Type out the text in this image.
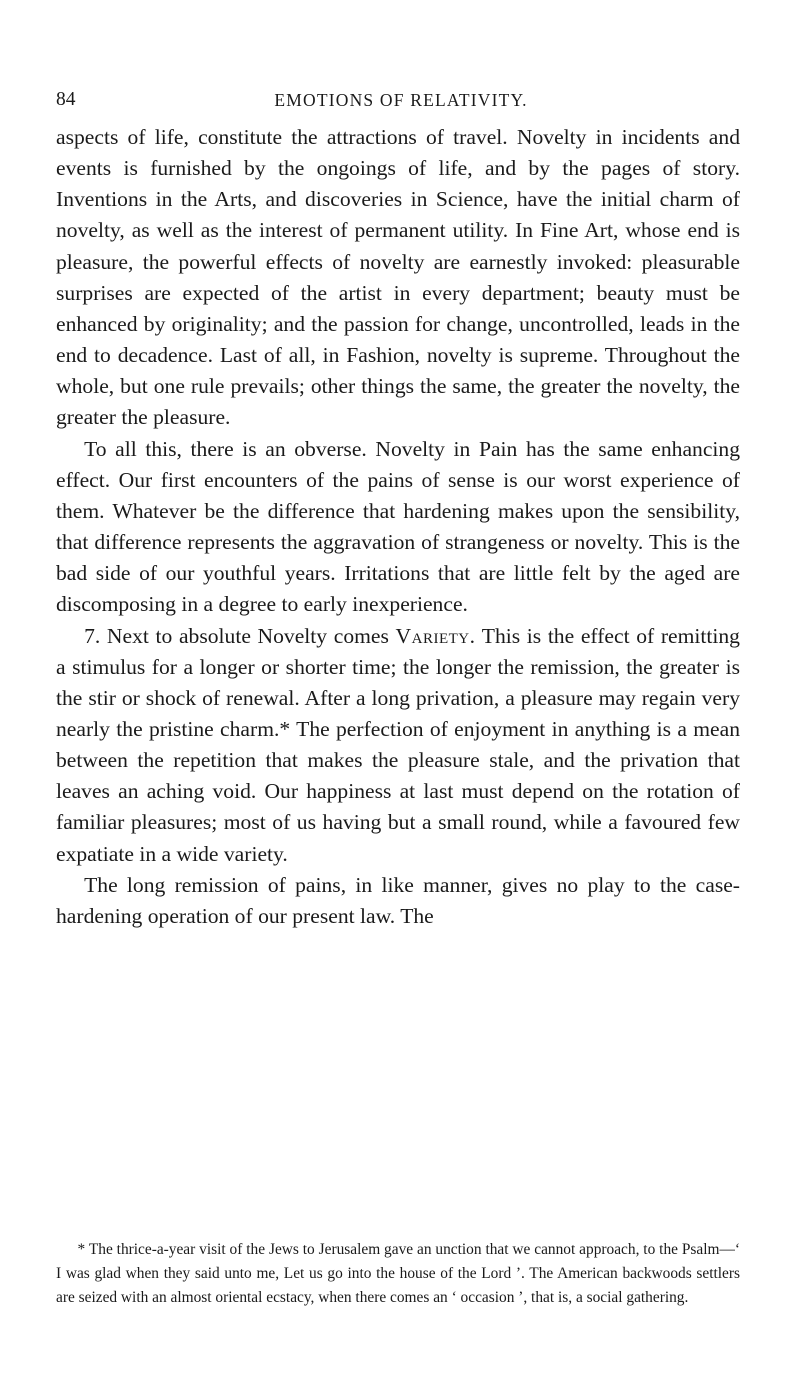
84	EMOTIONS OF RELATIVITY.

aspects of life, constitute the attractions of travel. Novelty in incidents and events is furnished by the ongoings of life, and by the pages of story. Inventions in the Arts, and discoveries in Science, have the initial charm of novelty, as well as the interest of permanent utility. In Fine Art, whose end is pleasure, the powerful effects of novelty are earnestly invoked: pleasurable surprises are expected of the artist in every department; beauty must be enhanced by originality; and the passion for change, uncontrolled, leads in the end to decadence. Last of all, in Fashion, novelty is supreme. Throughout the whole, but one rule prevails; other things the same, the greater the novelty, the greater the pleasure.

To all this, there is an obverse. Novelty in Pain has the same enhancing effect. Our first encounters of the pains of sense is our worst experience of them. Whatever be the difference that hardening makes upon the sensibility, that difference represents the aggravation of strangeness or novelty. This is the bad side of our youthful years. Irritations that are little felt by the aged are discomposing in a degree to early inexperience.

7. Next to absolute Novelty comes Variety. This is the effect of remitting a stimulus for a longer or shorter time; the longer the remission, the greater is the stir or shock of renewal. After a long privation, a pleasure may regain very nearly the pristine charm.* The perfection of enjoyment in anything is a mean between the repetition that makes the pleasure stale, and the privation that leaves an aching void. Our happiness at last must depend on the rotation of familiar pleasures; most of us having but a small round, while a favoured few expatiate in a wide variety.

The long remission of pains, in like manner, gives no play to the case-hardening operation of our present law. The

* The thrice-a-year visit of the Jews to Jerusalem gave an unction that we cannot approach, to the Psalm—‘ I was glad when they said unto me, Let us go into the house of the Lord ’. The American backwoods settlers are seized with an almost oriental ecstacy, when there comes an ‘ occasion ’, that is, a social gathering.
